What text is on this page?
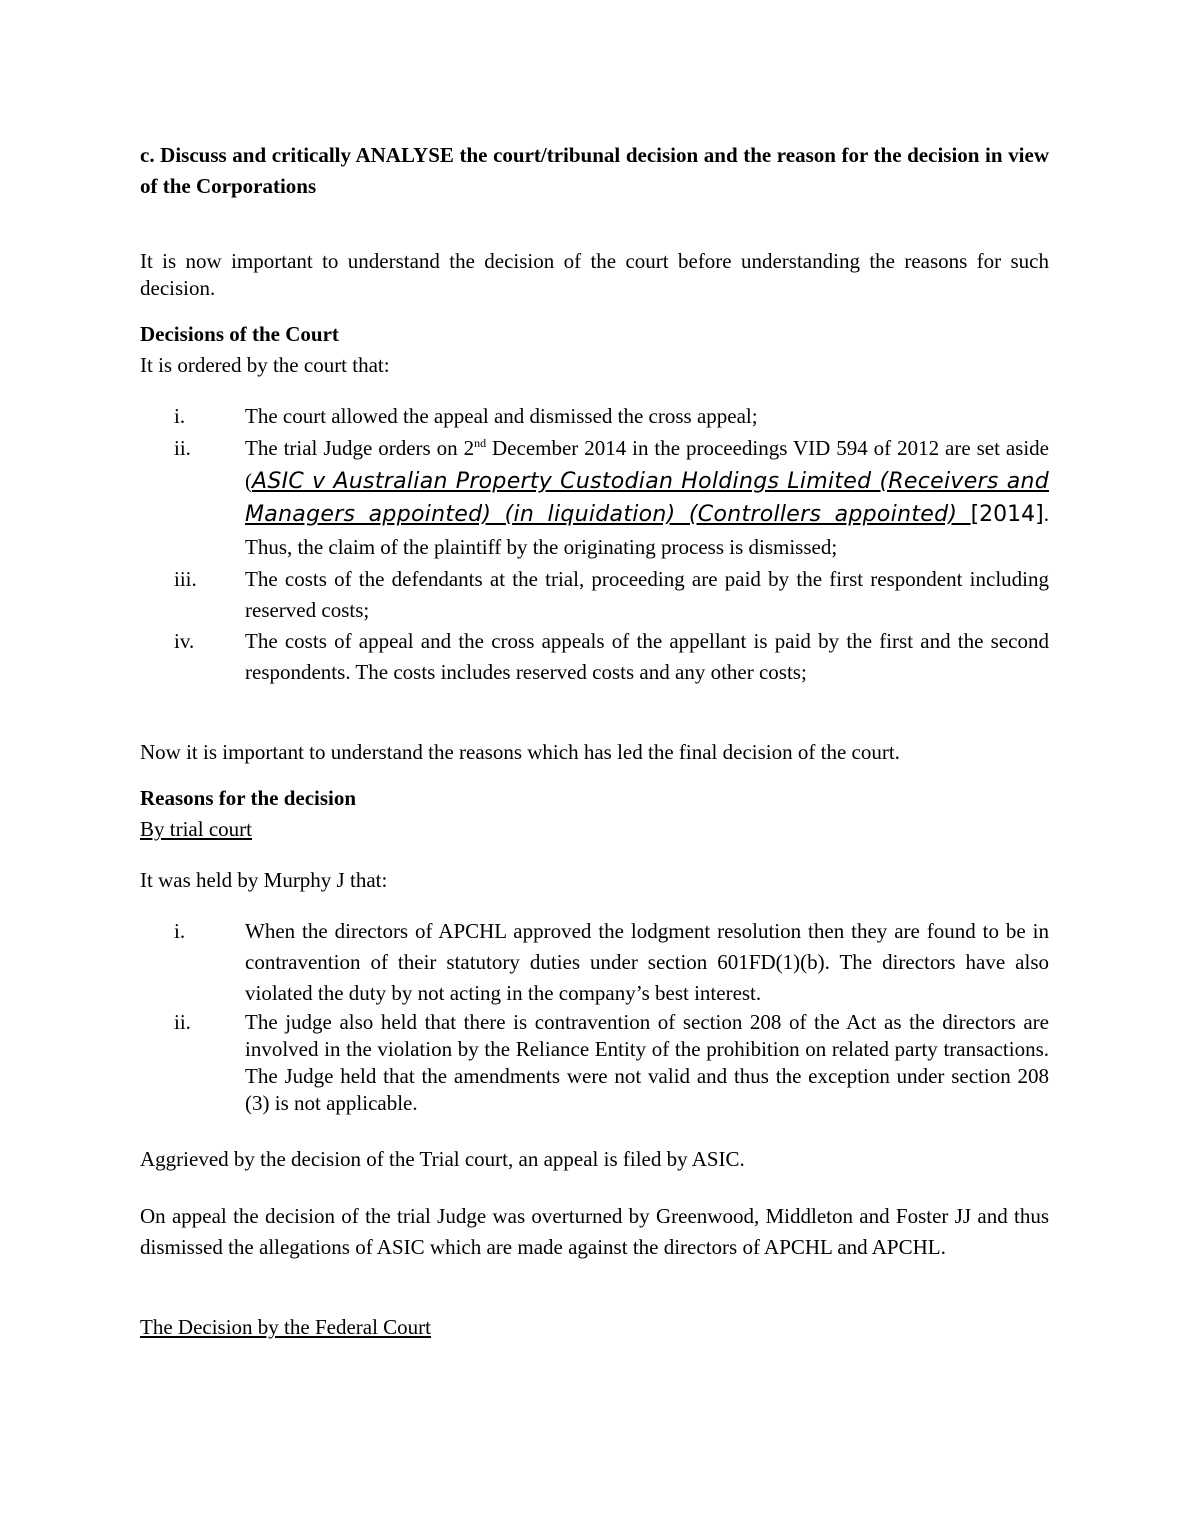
c. Discuss and critically ANALYSE the court/tribunal decision and the reason for the decision in view of the Corporations
It is now important to understand the decision of the court before understanding the reasons for such decision.
Decisions of the Court
It is ordered by the court that:
i.	The court allowed the appeal and dismissed the cross appeal;
ii.	The trial Judge orders on 2nd December 2014 in the proceedings VID 594 of 2012 are set aside (ASIC v Australian Property Custodian Holdings Limited (Receivers and Managers appointed) (in liquidation) (Controllers appointed) [2014]. Thus, the claim of the plaintiff by the originating process is dismissed;
iii. The costs of the defendants at the trial, proceeding are paid by the first respondent including reserved costs;
iv. The costs of appeal and the cross appeals of the appellant is paid by the first and the second respondents. The costs includes reserved costs and any other costs;
Now it is important to understand the reasons which has led the final decision of the court.
Reasons for the decision
By trial court
It was held by Murphy J that:
i.	When the directors of APCHL approved the lodgment resolution then they are found to be in contravention of their statutory duties under section 601FD(1)(b). The directors have also violated the duty by not acting in the company’s best interest.
ii.	The judge also held that there is contravention of section 208 of the Act as the directors are involved in the violation by the Reliance Entity of the prohibition on related party transactions. The Judge held that the amendments were not valid and thus the exception under section 208 (3) is not applicable.
Aggrieved by the decision of the Trial court, an appeal is filed by ASIC.
On appeal the decision of the trial Judge was overturned by Greenwood, Middleton and Foster JJ and thus dismissed the allegations of ASIC which are made against the directors of APCHL and APCHL.
The Decision by the Federal Court
